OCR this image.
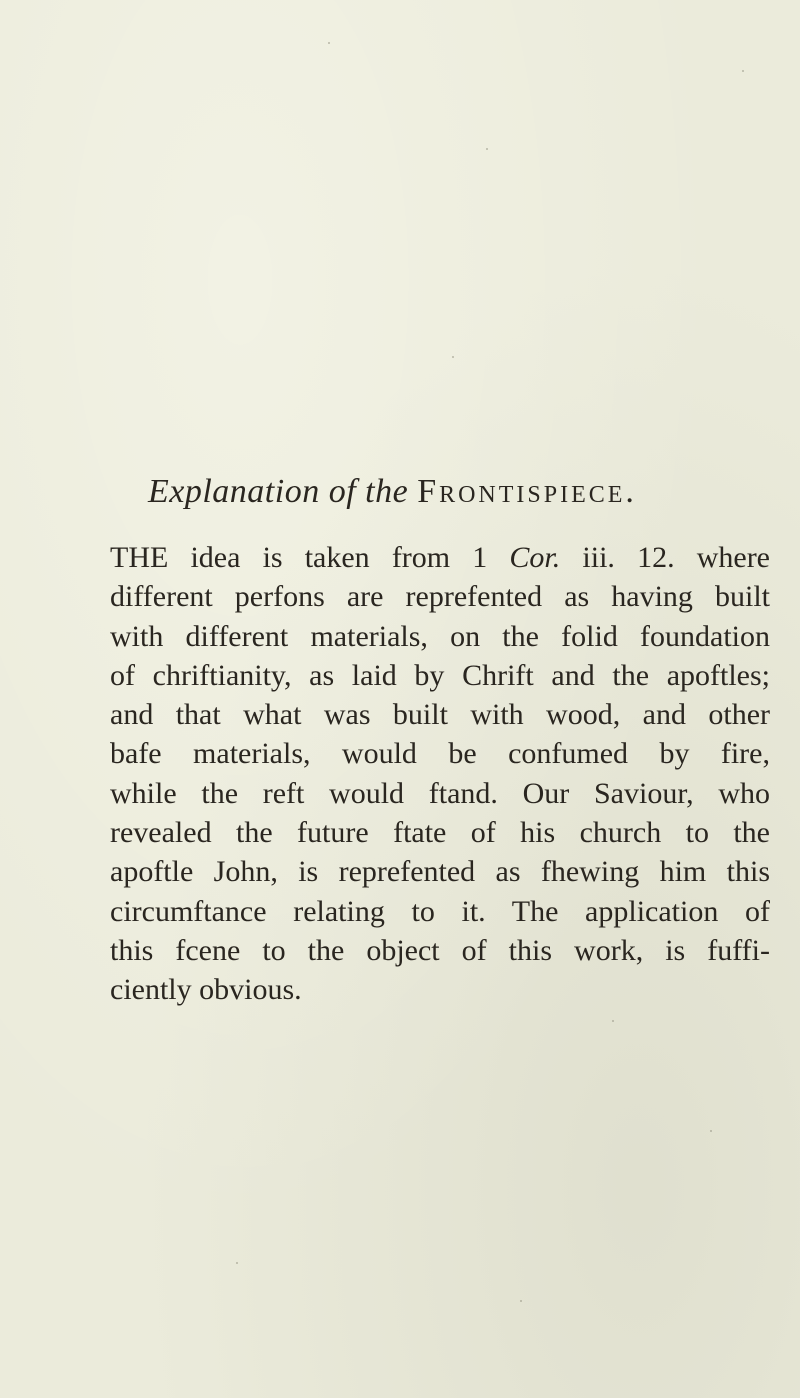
Explanation of the Frontispiece.
THE idea is taken from 1 Cor. iii. 12. where
different perfons are reprefented as having built
with different materials, on the folid foundation
of chriftianity, as laid by Chrift and the apoftles;
and that what was built with wood, and other
bafe materials, would be confumed by fire,
while the reft would ftand. Our Saviour, who
revealed the future ftate of his church to the
apoftle John, is reprefented as fhewing him this
circumftance relating to it. The application of
this fcene to the object of this work, is fuffi-
ciently obvious.
